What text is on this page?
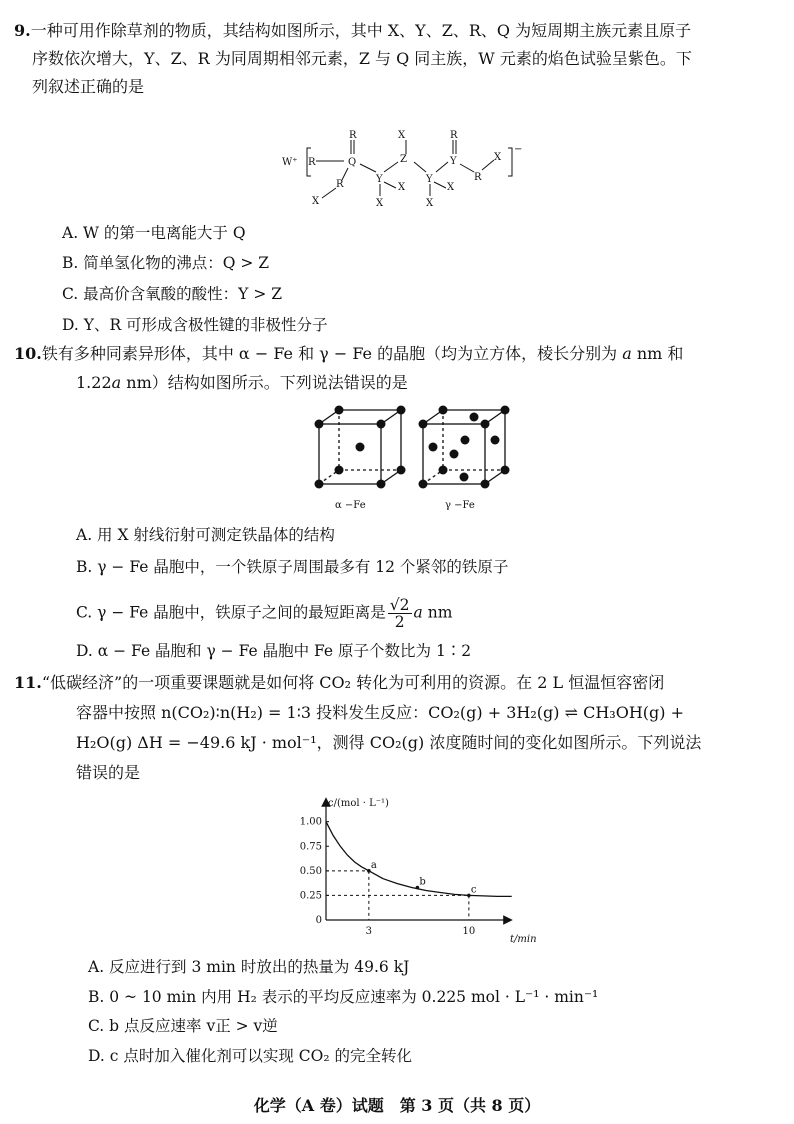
9.一种可用作除草剂的物质，其结构如图所示，其中 X、Y、Z、R、Q 为短周期主族元素且原子
序数依次增大，Y、Z、R 为同周期相邻元素，Z 与 Q 同主族，W 元素的焰色试验呈紫色。下
列叙述正确的是
W⁺ R
R
Q
R
X
Y
X
Z
X
X
Y
X
X
R
Y
R
X
−
A. W 的第一电离能大于 Q
B. 简单氢化物的沸点：Q > Z
C. 最高价含氧酸的酸性：Y > Z
D. Y、R 可形成含极性键的非极性分子
10.铁有多种同素异形体，其中 α − Fe 和 γ − Fe 的晶胞（均为立方体，棱长分别为 a nm 和
1.22a nm）结构如图所示。下列说法错误的是
α −Fe	γ −Fe
A. 用 X 射线衍射可测定铁晶体的结构
B. γ − Fe 晶胞中，一个铁原子周围最多有 12 个紧邻的铁原子
C. γ − Fe 晶胞中，铁原子之间的最短距离是 $\frac{√2}{2}$ a nm
D. α − Fe 晶胞和 γ − Fe 晶胞中 Fe 原子个数比为 1∶2
11.“低碳经济”的一项重要课题就是如何将 CO₂ 转化为可利用的资源。在 2 L 恒温恒容密闭
容器中按照 n(CO₂)∶n(H₂) = 1∶3 投料发生反应：CO₂(g) + 3H₂(g) ⇌ CH₃OH(g) +
H₂O(g) ΔH = −49.6 kJ · mol⁻¹，测得 CO₂(g) 浓度随时间的变化如图所示。下列说法
错误的是
c/(mol · L⁻¹)
t/min
0
0.25
0.50
0.75
1.00
3	10
a
b
c
A. 反应进行到 3 min 时放出的热量为 49.6 kJ
B. 0 ~ 10 min 内用 H₂ 表示的平均反应速率为 0.225 mol · L⁻¹ · min⁻¹
C. b 点反应速率 v正 > v逆
D. c 点时加入催化剂可以实现 CO₂ 的完全转化
化学（A 卷）试题　第 3 页（共 8 页）
